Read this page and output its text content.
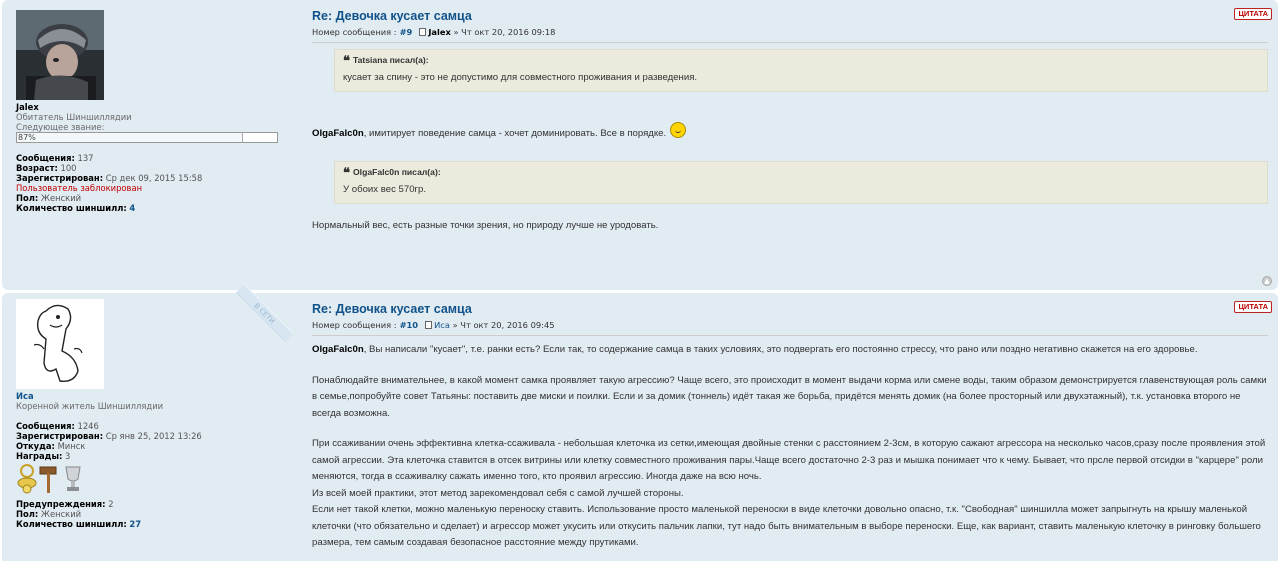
Jalex
Обитатель Шиншиллядии
Следующее звание:
87%
Сообщения: 137
Возраст: 100
Зарегистрирован: Ср дек 09, 2015 15:58
Пользователь заблокирован
Пол: Женский
Количество шиншилл: 4
Re: Девочка кусает самца
Номер сообщения : #9 Jalex » Чт окт 20, 2016 09:18
❝ Tatsiana писал(а):
кусает за спину - это не допустимо для совместного проживания и разведения.
OlgaFalc0n, имитирует поведение самца - хочет доминировать. Все в порядке.
❝ OlgaFalc0n писал(а):
У обоих вес 570гр.
Нормальный вес, есть разные точки зрения, но природу лучше не уродовать.
ЦИТАТА
▲
В СЕТИ
Иса
Коренной житель Шиншиллядии
Сообщения: 1246
Зарегистрирован: Ср янв 25, 2012 13:26
Откуда: Минск
Награды: 3
Предупреждения: 2
Пол: Женский
Количество шиншилл: 27
Re: Девочка кусает самца
Номер сообщения : #10 Иса » Чт окт 20, 2016 09:45
OlgaFalc0n, Вы написали "кусает", т.е. ранки есть? Если так, то содержание самца в таких условиях, это подвергать его постоянно стрессу, что рано или поздно негативно скажется на его здоровье.
Понаблюдайте внимательнее, в какой момент самка проявляет такую агрессию? Чаще всего, это происходит в момент выдачи корма или смене воды, таким образом демонстрируется главенствующая роль самки в семье,попробуйте совет Татьяны: поставить две миски и поилки. Если и за домик (тоннель) идёт такая же борьба, придётся менять домик (на более просторный или двухэтажный), т.к. установка второго не всегда возможна.
При ссаживании очень эффективна клетка-ссаживала - небольшая клеточка из сетки,имеющая двойные стенки с расстоянием 2-3см, в которую сажают агрессора на несколько часов,сразу после проявления этой самой агрессии. Эта клеточка ставится в отсек витрины или клетку совместного проживания пары.Чаще всего достаточно 2-3 раз и мышка понимает что к чему. Бывает, что прсле первой отсидки в "карцере" роли меняются, тогда в ссаживалку сажать именно того, кто проявил агрессию. Иногда даже на всю ночь.
Из всей моей практики, этот метод зарекомендовал себя с самой лучшей стороны.
Если нет такой клетки, можно маленькую переноску ставить. Использование просто маленькой переноски в виде клеточки довольно опасно, т.к. "Свободная" шиншилла может запрыгнуть на крышу маленькой клеточки (что обязательно и сделает) и агрессор может укусить или откусить пальчик лапки, тут надо быть внимательным в выборе переноски. Еще, как вариант, ставить маленькую клеточку в ринговку большего размера, тем самым создавая безопасное расстояние между прутиками.
ЦИТАТА
